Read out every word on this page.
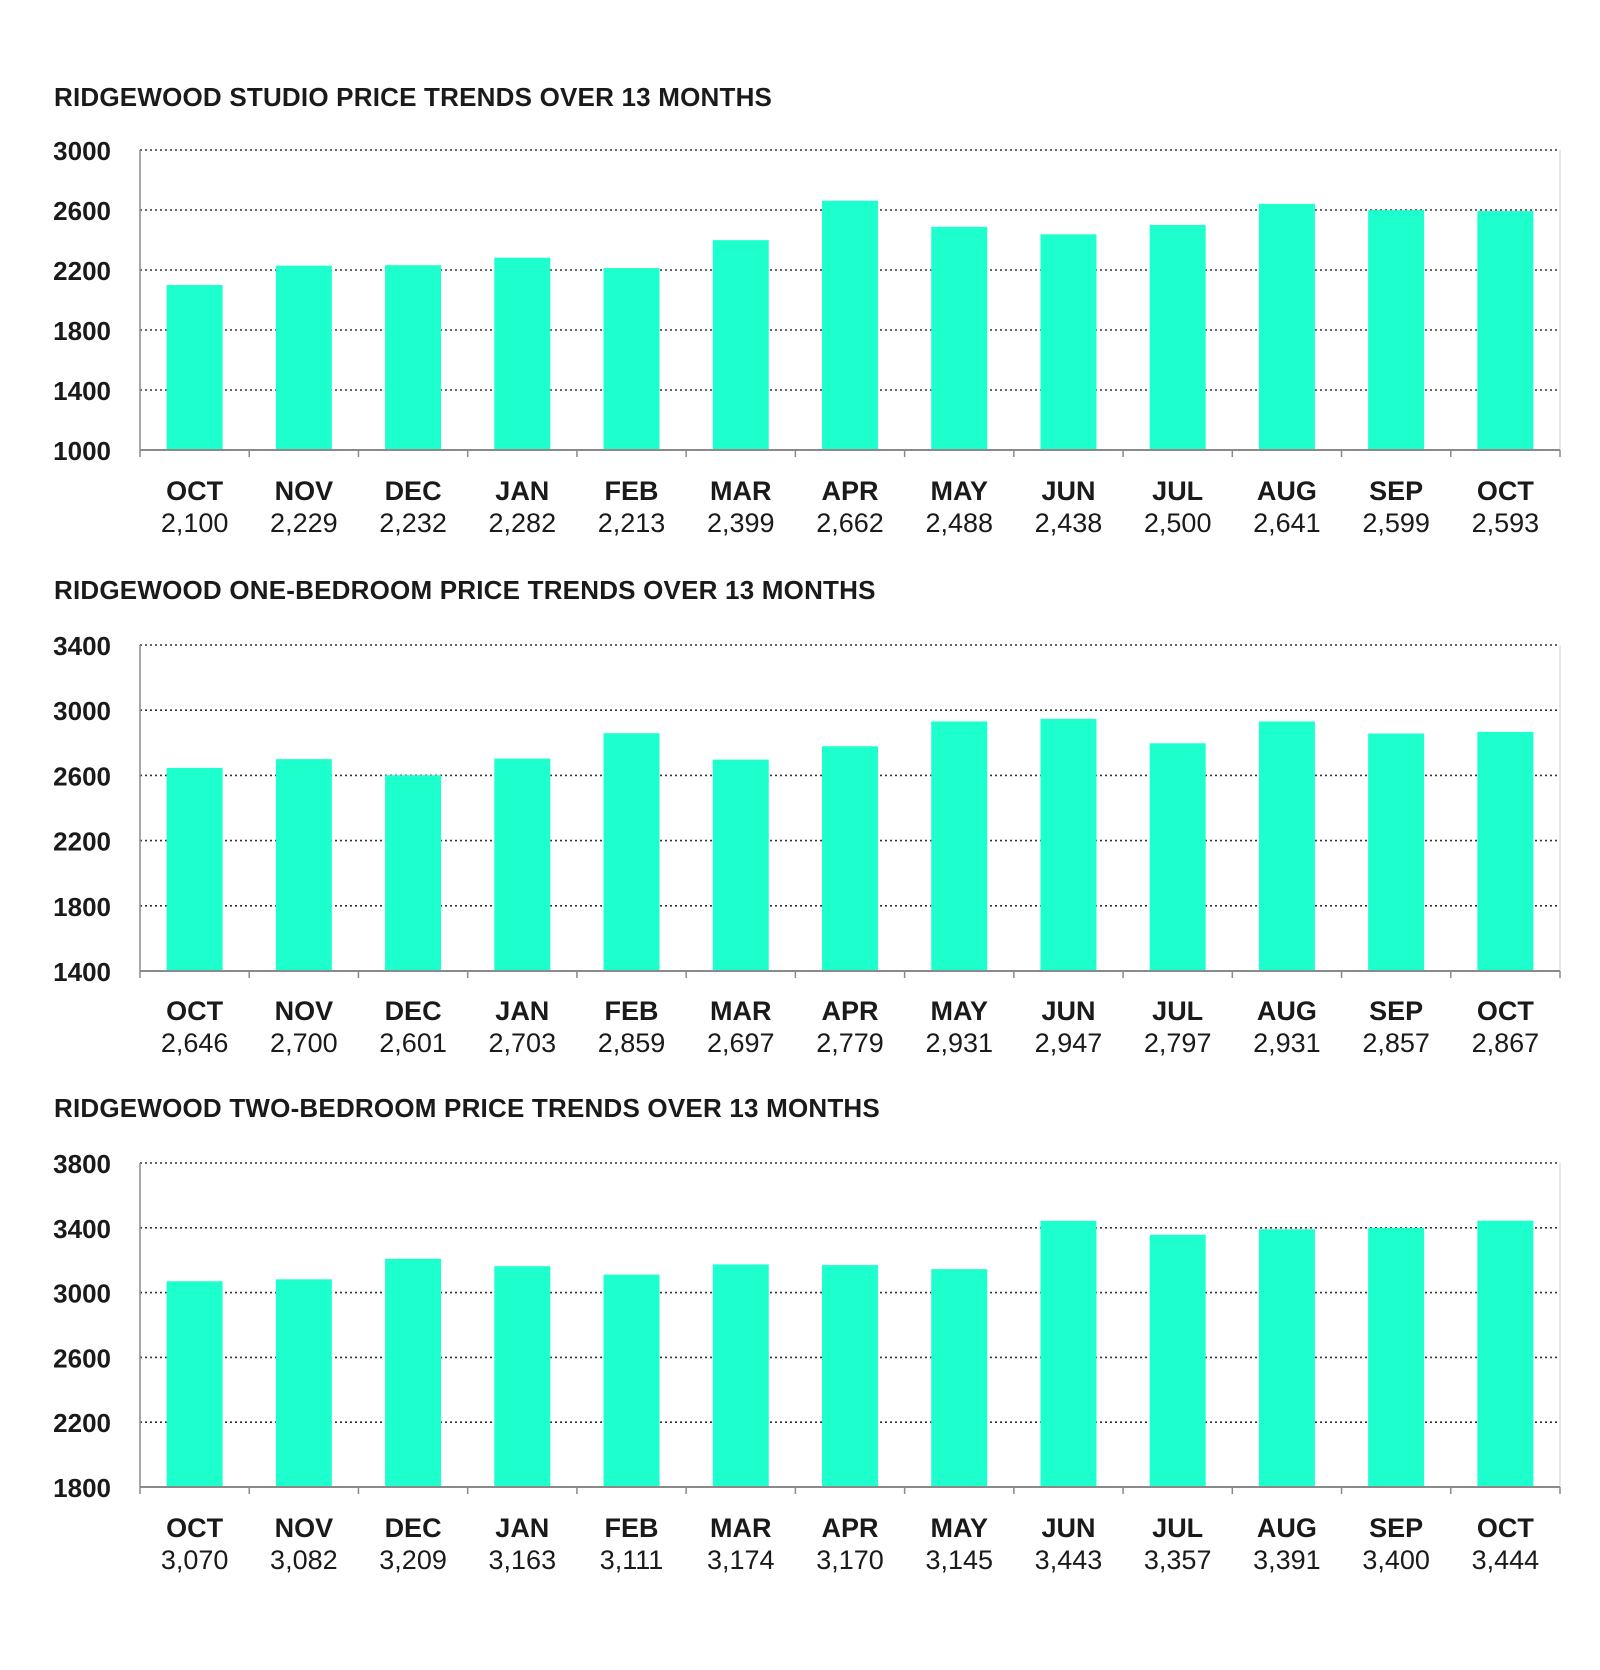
RIDGEWOOD STUDIO PRICE TRENDS OVER 13 MONTHS
1000
1400
1800
2200
2600
3000
OCT
2,100
NOV
2,229
DEC
2,232
JAN
2,282
FEB
2,213
MAR
2,399
APR
2,662
MAY
2,488
JUN
2,438
JUL
2,500
AUG
2,641
SEP
2,599
OCT
2,593
RIDGEWOOD ONE-BEDROOM PRICE TRENDS OVER 13 MONTHS
1400
1800
2200
2600
3000
3400
OCT
2,646
NOV
2,700
DEC
2,601
JAN
2,703
FEB
2,859
MAR
2,697
APR
2,779
MAY
2,931
JUN
2,947
JUL
2,797
AUG
2,931
SEP
2,857
OCT
2,867
RIDGEWOOD TWO-BEDROOM PRICE TRENDS OVER 13 MONTHS
1800
2200
2600
3000
3400
3800
OCT
3,070
NOV
3,082
DEC
3,209
JAN
3,163
FEB
3,111
MAR
3,174
APR
3,170
MAY
3,145
JUN
3,443
JUL
3,357
AUG
3,391
SEP
3,400
OCT
3,444
